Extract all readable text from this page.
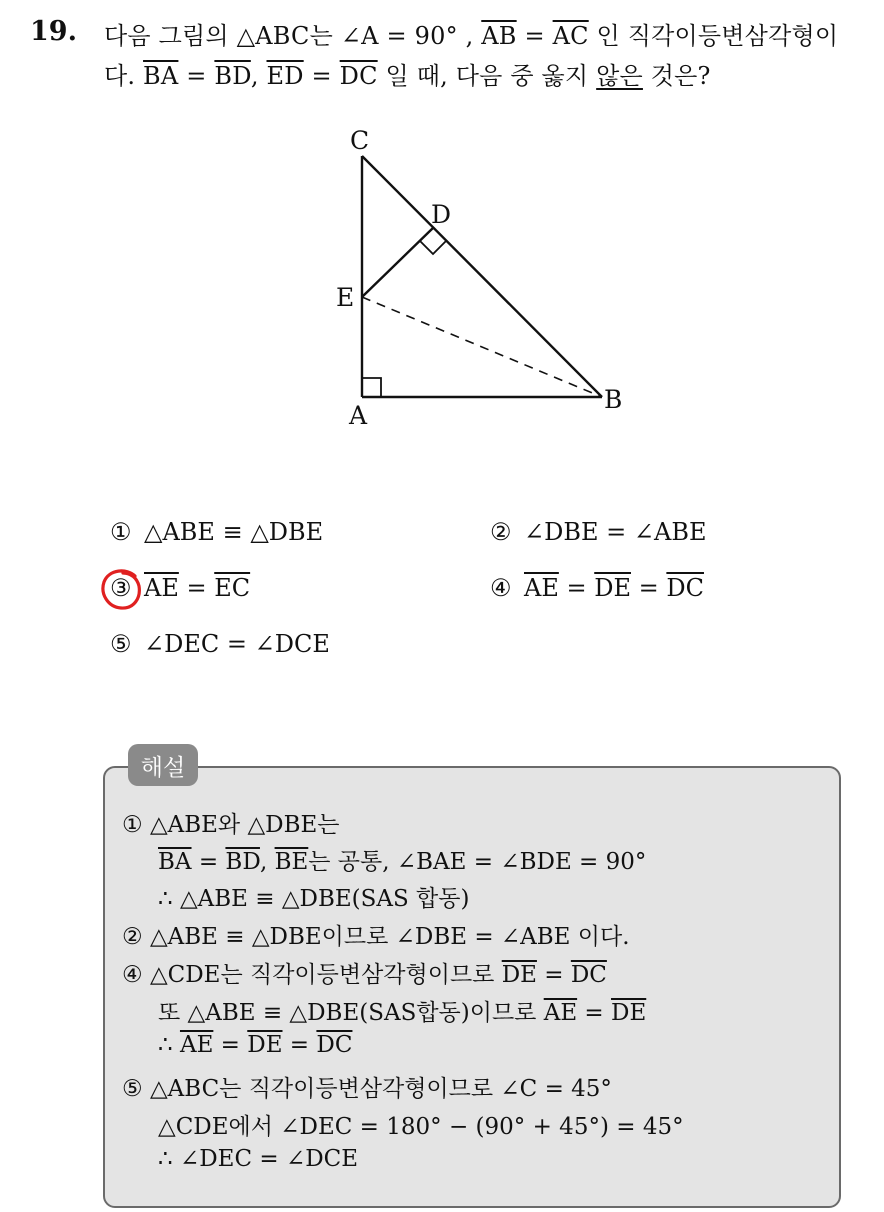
19. 다음 그림의 △ABC는 ∠A = 90° , $\overline{AB} = \overline{AC}$ 인 직각이등변삼각형이
다. $\overline{BA} = \overline{BD}$, $\overline{ED} = \overline{DC}$ 일 때, 다음 중 옳지 않은 것은?
C
D
E
A
B
① △ABE ≡ △DBE	② ∠DBE = ∠ABE
③ $\overline{AE} = \overline{EC}$	④ $\overline{AE} = \overline{DE} = \overline{DC}$
⑤ ∠DEC = ∠DCE
해설
① △ABE와 △DBE는
$\overline{BA} = \overline{BD}$, $\overline{BE}$는 공통, ∠BAE = ∠BDE = 90°
∴ △ABE ≡ △DBE(SAS 합동)
② △ABE ≡ △DBE이므로 ∠DBE = ∠ABE 이다.
④ △CDE는 직각이등변삼각형이므로 $\overline{DE} = \overline{DC}$
또 △ABE ≡ △DBE(SAS합동)이므로 $\overline{AE} = \overline{DE}$
∴ $\overline{AE} = \overline{DE} = \overline{DC}$
⑤ △ABC는 직각이등변삼각형이므로 ∠C = 45°
△CDE에서 ∠DEC = 180° − (90° + 45°) = 45°
∴ ∠DEC = ∠DCE
